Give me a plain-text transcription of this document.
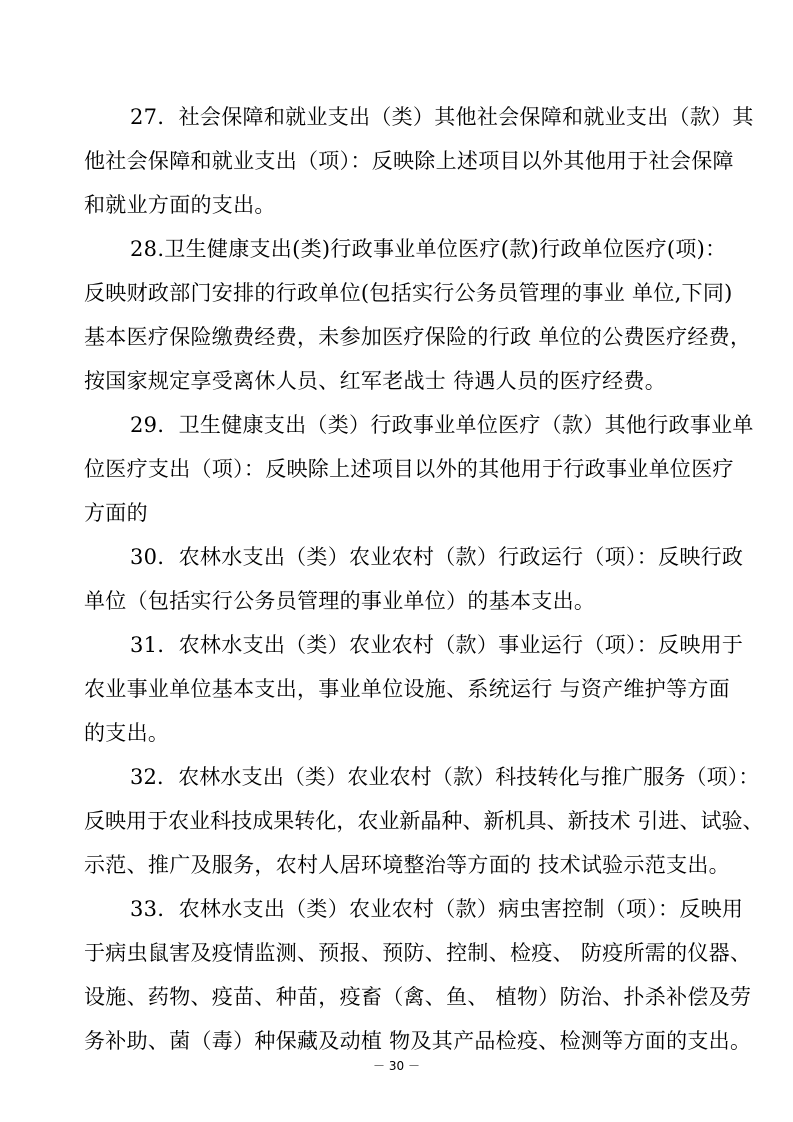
27．社会保障和就业支出（类）其他社会保障和就业支出（款）其
他社会保障和就业支出（项）：反映除上述项目以外其他用于社会保障
和就业方面的支出。
28.卫生健康支出(类)行政事业单位医疗(款)行政单位医疗(项)：
反映财政部门安排的行政单位(包括实行公务员管理的事业 单位,下同)
基本医疗保险缴费经费，未参加医疗保险的行政 单位的公费医疗经费，
按国家规定享受离休人员、红军老战士 待遇人员的医疗经费。
29．卫生健康支出（类）行政事业单位医疗（款）其他行政事业单
位医疗支出（项）：反映除上述项目以外的其他用于行政事业单位医疗
方面的
30．农林水支出（类）农业农村（款）行政运行（项）：反映行政
单位（包括实行公务员管理的事业单位）的基本支出。
31．农林水支出（类）农业农村（款）事业运行（项）：反映用于
农业事业单位基本支出，事业单位设施、系统运行 与资产维护等方面
的支出。
32．农林水支出（类）农业农村（款）科技转化与推广服务（项）：
反映用于农业科技成果转化，农业新晶种、新机具、新技术 引进、试验、
示范、推广及服务，农村人居环境整治等方面的 技术试验示范支出。
33．农林水支出（类）农业农村（款）病虫害控制（项）：反映用
于病虫鼠害及疫情监测、预报、预防、控制、检疫、 防疫所需的仪器、
设施、药物、疫苗、种苗，疫畜（禽、鱼、 植物）防治、扑杀补偿及劳
务补助、菌（毒）种保藏及动植 物及其产品检疫、检测等方面的支出。
－ 30 －
